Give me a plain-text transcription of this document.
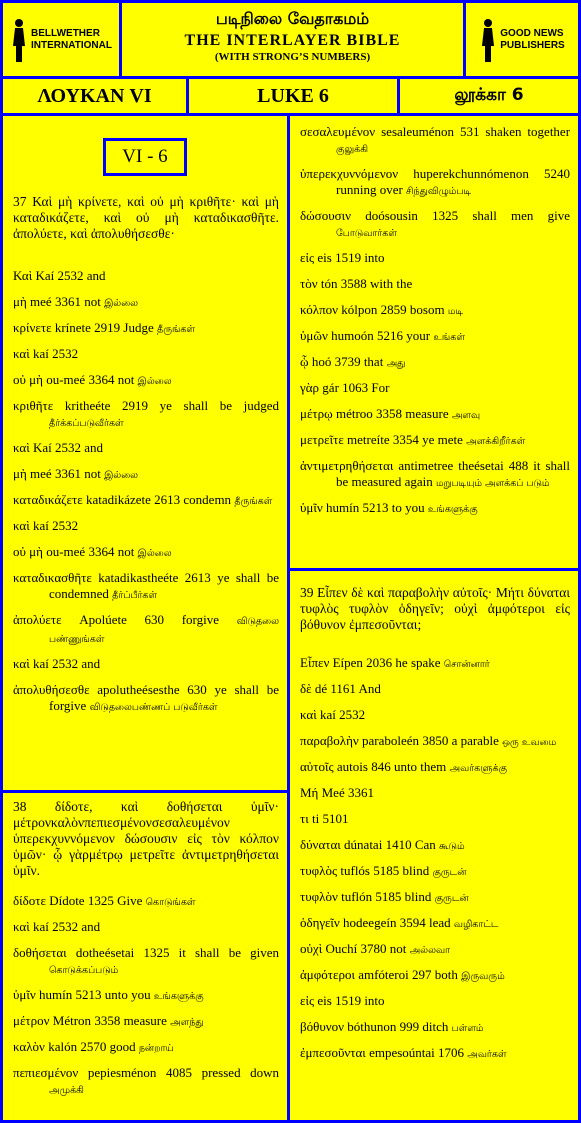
BELLWETHER
INTERNATIONAL
படிநிலை வேதாகமம்
THE INTERLAYER BIBLE
(WITH STRONG’S NUMBERS)
GOOD NEWS
PUBLISHERS
ΛΟΥΚΑΝ VI	LUKE 6	லூக்கா 6
VI - 6
37 Καὶ μὴ κρίνετε, καὶ οὐ μὴ κριθῆτε· καὶ μὴ καταδικάζετε, καὶ οὐ μὴ καταδικασθῆτε. ἀπολύετε, καὶ ἀπολυθήσεσθε·
Καὶ Kaí 2532 and
μὴ meé 3361 not இல்லை
κρίνετε krínete 2919 Judge தீருங்கள்
καὶ kaí 2532
οὐ μὴ ou-meé 3364 not இல்லை
κριθῆτε kritheéte 2919 ye shall be judged தீர்க்கப்படுவீர்கள்
καὶ Kaí 2532 and
μὴ meé 3361 not இல்லை
καταδικάζετε katadikázete 2613 condemn தீருங்கள்
καὶ kaí 2532
οὐ μὴ ou-meé 3364 not இல்லை
καταδικασθῆτε katadikastheéte 2613 ye shall be condemned தீர்ப்பீர்கள்
ἀπολύετε Apolúete 630 forgive விடுதலை பண்ணுங்கள்
καὶ kaí 2532 and
ἀπολυθήσεσθε apolutheésesthe 630 ye shall be forgive விடுதலைபண்ணப் படுவீர்கள்
38 δίδοτε, καὶ δοθήσεται ὑμῖν· μέτρονκαλὸνπεπιεσμένονσεσαλευμένον ὑπερεκχυννόμενον δώσουσιν εἰς τὸν κόλπον ὑμῶν· ᾧ γὰρμέτρῳ μετρεῖτε ἀντιμετρηθήσεται ὑμῖν.
δίδοτε Dídote 1325 Give கொடுங்கள்
καὶ kaí 2532 and
δοθήσεται dotheésetai 1325 it shall be given கொடுக்கப்படும்
ὑμῖν humín 5213 unto you உங்களுக்கு
μέτρον Métron 3358 measure அளந்து
καλὸν kalón 2570 good நன்றாய்
πεπιεσμένον pepiesménon 4085 pressed down அமுக்கி
σεσαλευμένον sesaleuménon 531 shaken together குலுக்கி
ὑπερεκχυννόμενον huperekchunnómenon 5240 running over சிந்துவிழும்படி
δώσουσιν doósousin 1325 shall men give போடுவார்கள்
εἰς eis 1519 into
τὸν tón 3588 with the
κόλπον kólpon 2859 bosom மடி
ὑμῶν humoón 5216 your உங்கள்
ᾧ hoó 3739 that அது
γὰρ gár 1063 For
μέτρῳ métroo 3358 measure அளவு
μετρεῖτε metreíte 3354 ye mete அளக்கிறீர்கள்
ἀντιμετρηθήσεται antimetree theésetai 488 it shall be measured again மறுபடியும் அளக்கப் படும்
ὑμῖν humín 5213 to you உங்களுக்கு
39 Εἶπεν δὲ καὶ παραβολὴν αὐτοῖς· Μήτι δύναται τυφλὸς τυφλὸν ὁδηγεῖν; οὐχὶ ἀμφότεροι εἰς βόθυνον ἐμπεσοῦνται;
Εἶπεν Eípen 2036 he spake சொன்னார்
δὲ dé 1161 And
καὶ kaí 2532
παραβολὴν paraboleén 3850 a parable ஒரு உவமை
αὐτοῖς autois 846 unto them அவர்களுக்கு
Μή Meé 3361
τι ti 5101
δύναται dúnatai 1410 Can கூடும்
τυφλὸς tuflós 5185 blind குருடன்
τυφλὸν tuflón 5185 blind குருடன்
ὁδηγεῖν hodeegeín 3594 lead வழிகாட்ட
οὐχὶ Ouchí 3780 not அல்லவா
ἀμφότεροι amfóteroi 297 both இருவரும்
εἰς eis 1519 into
βόθυνον bóthunon 999 ditch பள்ளம்
ἐμπεσοῦνται empesoúntai 1706 அவர்கள்
